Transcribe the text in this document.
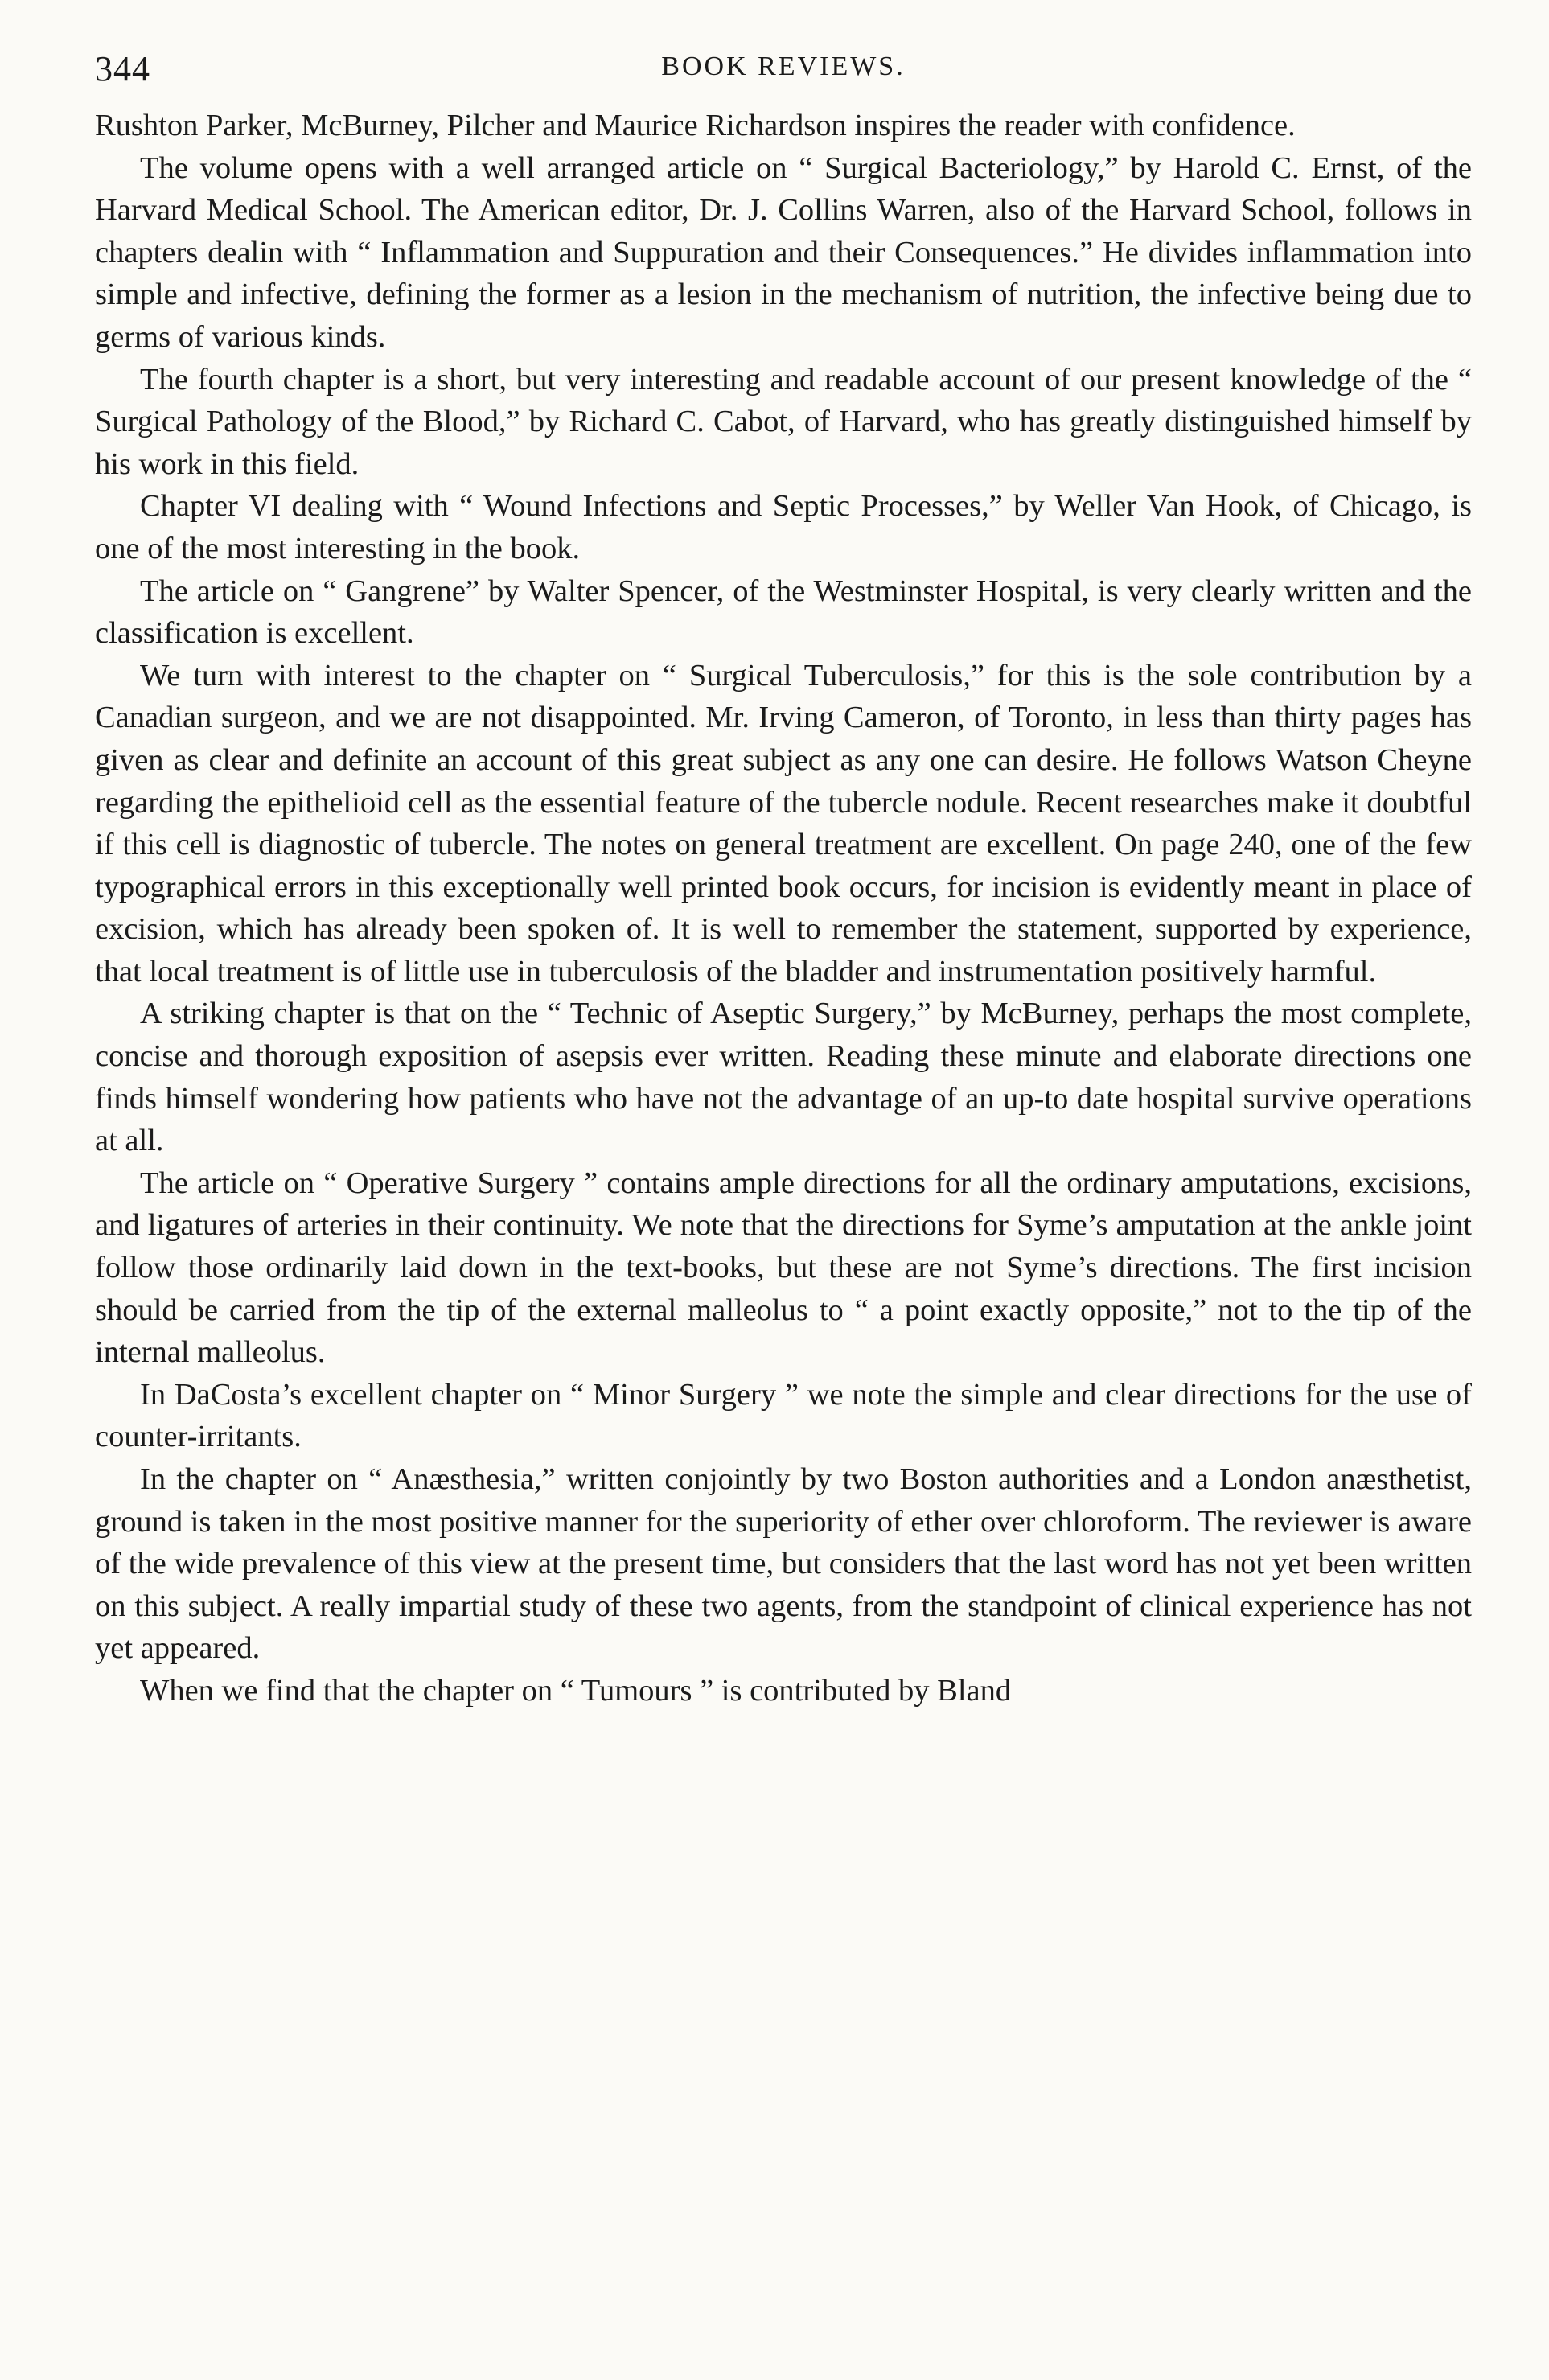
344	BOOK REVIEWS.

Rushton Parker, McBurney, Pilcher and Maurice Richardson inspires the reader with confidence.

The volume opens with a well arranged article on “ Surgical Bacteriology,” by Harold C. Ernst, of the Harvard Medical School. The American editor, Dr. J. Collins Warren, also of the Harvard School, follows in chapters dealin with “ Inflammation and Suppuration and their Consequences.” He divides inflammation into simple and infective, defining the former as a lesion in the mechanism of nutrition, the infective being due to germs of various kinds.

The fourth chapter is a short, but very interesting and readable account of our present knowledge of the “ Surgical Pathology of the Blood,” by Richard C. Cabot, of Harvard, who has greatly distinguished himself by his work in this field.

Chapter VI dealing with “ Wound Infections and Septic Processes,” by Weller Van Hook, of Chicago, is one of the most interesting in the book.

The article on “ Gangrene” by Walter Spencer, of the Westminster Hospital, is very clearly written and the classification is excellent.

We turn with interest to the chapter on “ Surgical Tuberculosis,” for this is the sole contribution by a Canadian surgeon, and we are not disappointed. Mr. Irving Cameron, of Toronto, in less than thirty pages has given as clear and definite an account of this great subject as any one can desire. He follows Watson Cheyne regarding the epithelioid cell as the essential feature of the tubercle nodule. Recent researches make it doubtful if this cell is diagnostic of tubercle. The notes on general treatment are excellent. On page 240, one of the few typographical errors in this exceptionally well printed book occurs, for incision is evidently meant in place of excision, which has already been spoken of. It is well to remember the statement, supported by experience, that local treatment is of little use in tuberculosis of the bladder and instrumentation positively harmful.

A striking chapter is that on the “ Technic of Aseptic Surgery,” by McBurney, perhaps the most complete, concise and thorough exposition of asepsis ever written. Reading these minute and elaborate directions one finds himself wondering how patients who have not the advantage of an up-to date hospital survive operations at all.

The article on “ Operative Surgery ” contains ample directions for all the ordinary amputations, excisions, and ligatures of arteries in their continuity. We note that the directions for Syme’s amputation at the ankle joint follow those ordinarily laid down in the text-books, but these are not Syme’s directions. The first incision should be carried from the tip of the external malleolus to “ a point exactly opposite,” not to the tip of the internal malleolus.

In DaCosta’s excellent chapter on “ Minor Surgery ” we note the simple and clear directions for the use of counter-irritants.

In the chapter on “ Anæsthesia,” written conjointly by two Boston authorities and a London anæsthetist, ground is taken in the most positive manner for the superiority of ether over chloroform. The reviewer is aware of the wide prevalence of this view at the present time, but considers that the last word has not yet been written on this subject. A really impartial study of these two agents, from the standpoint of clinical experience has not yet appeared.

When we find that the chapter on “ Tumours ” is contributed by Bland
